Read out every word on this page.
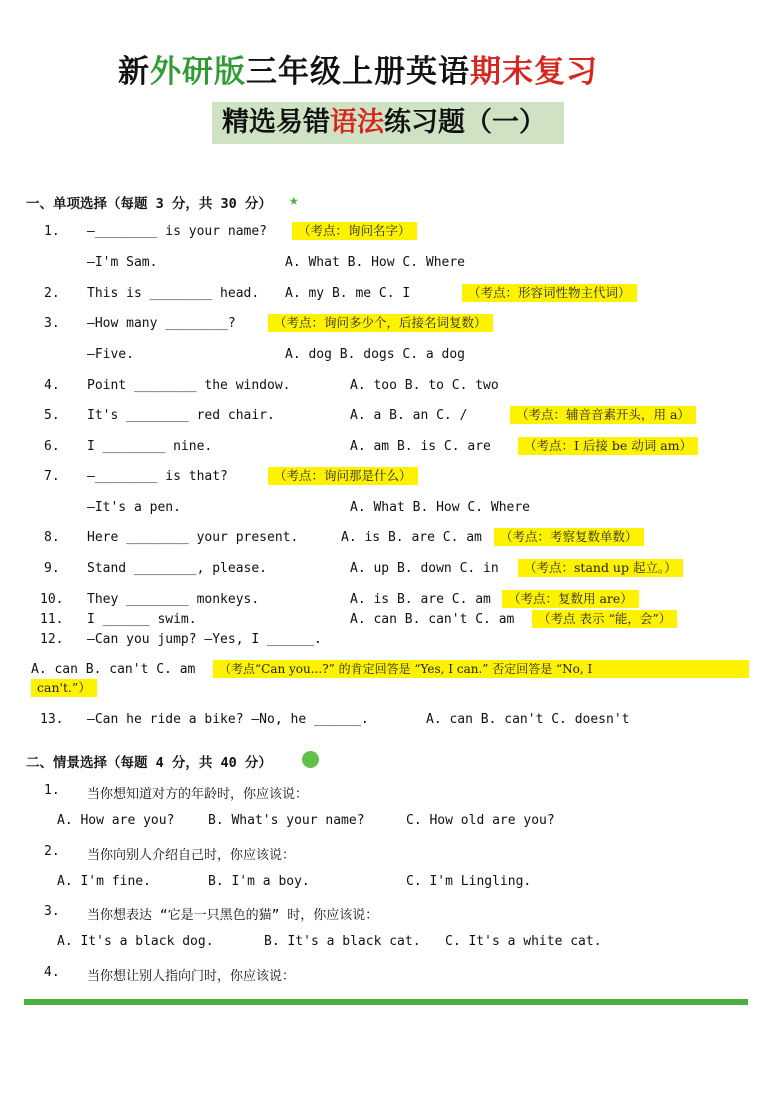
新外研版三年级上册英语期末复习
精选易错语法练习题（一）
一、单项选择（每题 3 分，共 30 分） ★
1. —________ is your name?	（考点：询问名字）
—I'm Sam.	A. What B. How C. Where
2. This is ________ head. A. my B. me C. I	（考点：形容词性物主代词）
3. —How many ________?	（考点：询问多少个，后接名词复数）
—Five.	A. dog B. dogs C. a dog
4. Point ________ the window.	A. too B. to C. two
5. It's ________ red chair.	A. a B. an C. /	（考点：辅音音素开头，用 a）
6. I ________ nine.	A. am B. is C. are	（考点：I 后接 be 动词 am）
7. —________ is that?	（考点：询问那是什么）
—It's a pen.	A. What B. How C. Where
8. Here ________ your present.	A. is B. are C. am	（考点：考察复数单数）
9. Stand ________, please.	A. up B. down C. in	（考点：stand up 起立。）
10. They ________ monkeys.	A. is B. are C. am	（考点：复数用 are）
11. I ______ swim.	A. can B. can't C. am	（考点 表示 “能，会”）
12. —Can you jump? —Yes, I ______.
A. can B. can't C. am	（考点“Can you...?” 的肯定回答是 “Yes, I can.” 否定回答是 “No, I
can't.”）
13. —Can he ride a bike? —No, he ______.	A. can B. can't C. doesn't
二、情景选择（每题 4 分，共 40 分）
1. 当你想知道对方的年龄时，你应该说：
A. How are you?	B. What's your name?	C. How old are you?
2. 当你向别人介绍自己时，你应该说：
A. I'm fine.	B. I'm a boy.	C. I'm Lingling.
3. 当你想表达 “它是一只黑色的猫” 时，你应该说：
A. It's a black dog.	B. It's a black cat. C. It's a white cat.
4. 当你想让别人指向门时，你应该说：
